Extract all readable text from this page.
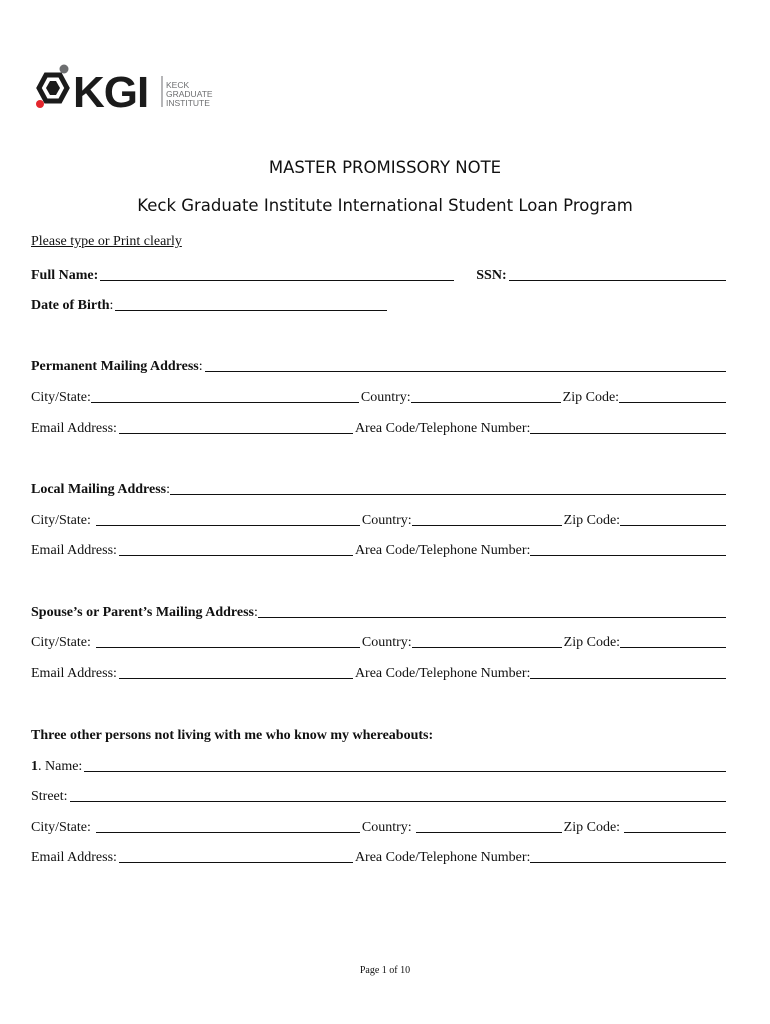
KGI KECK
GRADUATE
INSTITUTE
MASTER PROMISSORY NOTE
Keck Graduate Institute International Student Loan Program
Please type or Print clearly
Full Name:	SSN:
Date of Birth :
Permanent Mailing Address :
City/State:	Country:	Zip Code:
Email Address:	Area Code/Telephone Number:
Local Mailing Address :
City/State:	Country:	Zip Code:
Email Address:	Area Code/Telephone Number:
Spouse’s or Parent’s Mailing Address :
City/State:	Country:	Zip Code:
Email Address:	Area Code/Telephone Number:
Three other persons not living with me who know my whereabouts:
1 . Name:
Street:
City/State:	Country:	Zip Code:
Email Address:	Area Code/Telephone Number:
Page 1 of 10
